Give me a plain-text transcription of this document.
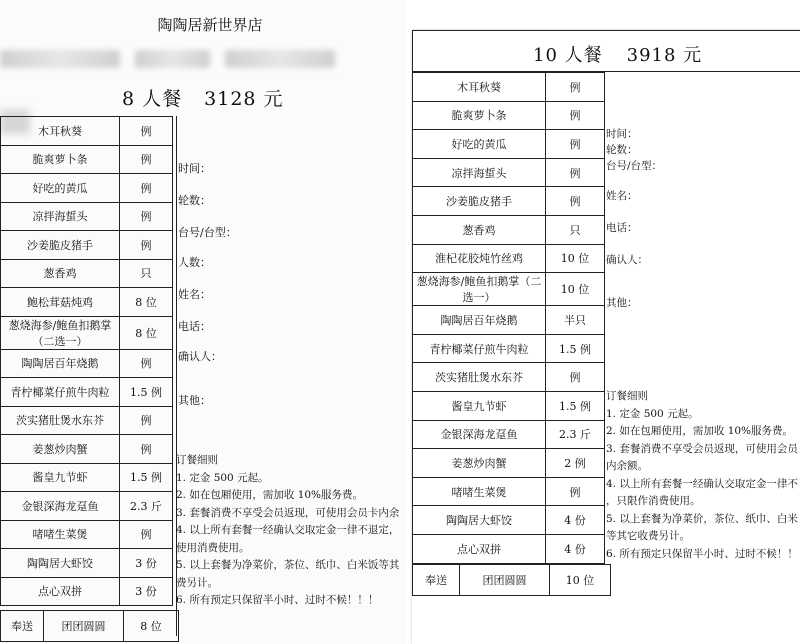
陶陶居新世界店
8 人餐 3128 元
木耳秋葵	例
脆爽萝卜条	例
好吃的黄瓜	例
凉拌海蜇头	例
沙姜脆皮猪手	例
葱香鸡	只
鲍松茸菇炖鸡	8 位
葱烧海参/鲍鱼扣鹅掌（二选一）	8 位
陶陶居百年烧鹅	例
青柠椰菜仔煎牛肉粒	1.5 例
茨实猪肚煲水东芥	例
姜葱炒肉蟹	例
酱皇九节虾	1.5 例
金银深海龙趸鱼	2.3 斤
啫啫生菜煲	例
陶陶居大虾饺	3 份
点心双拼	3 份
奉送	团团圆圆	8 位
时间：
轮数：
台号/台型：
人数：
姓名：
电话：
确认人：
其他：
订餐细则
1. 定金 500 元起。
2. 如在包厢使用，需加收 10%服务费。
3. 套餐消费不享受会员返现，可使用会员卡内余
4. 以上所有套餐一经确认交取定金一律不退定，
使用消费使用。
5. 以上套餐为净菜价，茶位、纸巾、白米饭等其
费另计。
6. 所有预定只保留半小时、过时不候！！！
10 人餐 3918 元
木耳秋葵	例
脆爽萝卜条	例
好吃的黄瓜	例
凉拌海蜇头	例
沙姜脆皮猪手	例
葱香鸡	只
淮杞花胶炖竹丝鸡	10 位
葱烧海参/鲍鱼扣鹅掌（二选一）	10 位
陶陶居百年烧鹅	半只
青柠椰菜仔煎牛肉粒	1.5 例
茨实猪肚煲水东芥	例
酱皇九节虾	1.5 例
金银深海龙趸鱼	2.3 斤
姜葱炒肉蟹	2 例
啫啫生菜煲	例
陶陶居大虾饺	4 份
点心双拼	4 份
奉送	团团圆圆	10 位
时间：
轮数：
台号/台型：
姓名：
电话：
确认人：
其他：
订餐细则
1. 定金 500 元起。
2. 如在包厢使用，需加收 10%服务费。
3. 套餐消费不享受会员返现，可使用会员
内余额。
4. 以上所有套餐一经确认交取定金一律不
，只限作消费使用。
5. 以上套餐为净菜价，茶位、纸巾、白米
等其它收费另计。
6. 所有预定只保留半小时、过时不候！！
